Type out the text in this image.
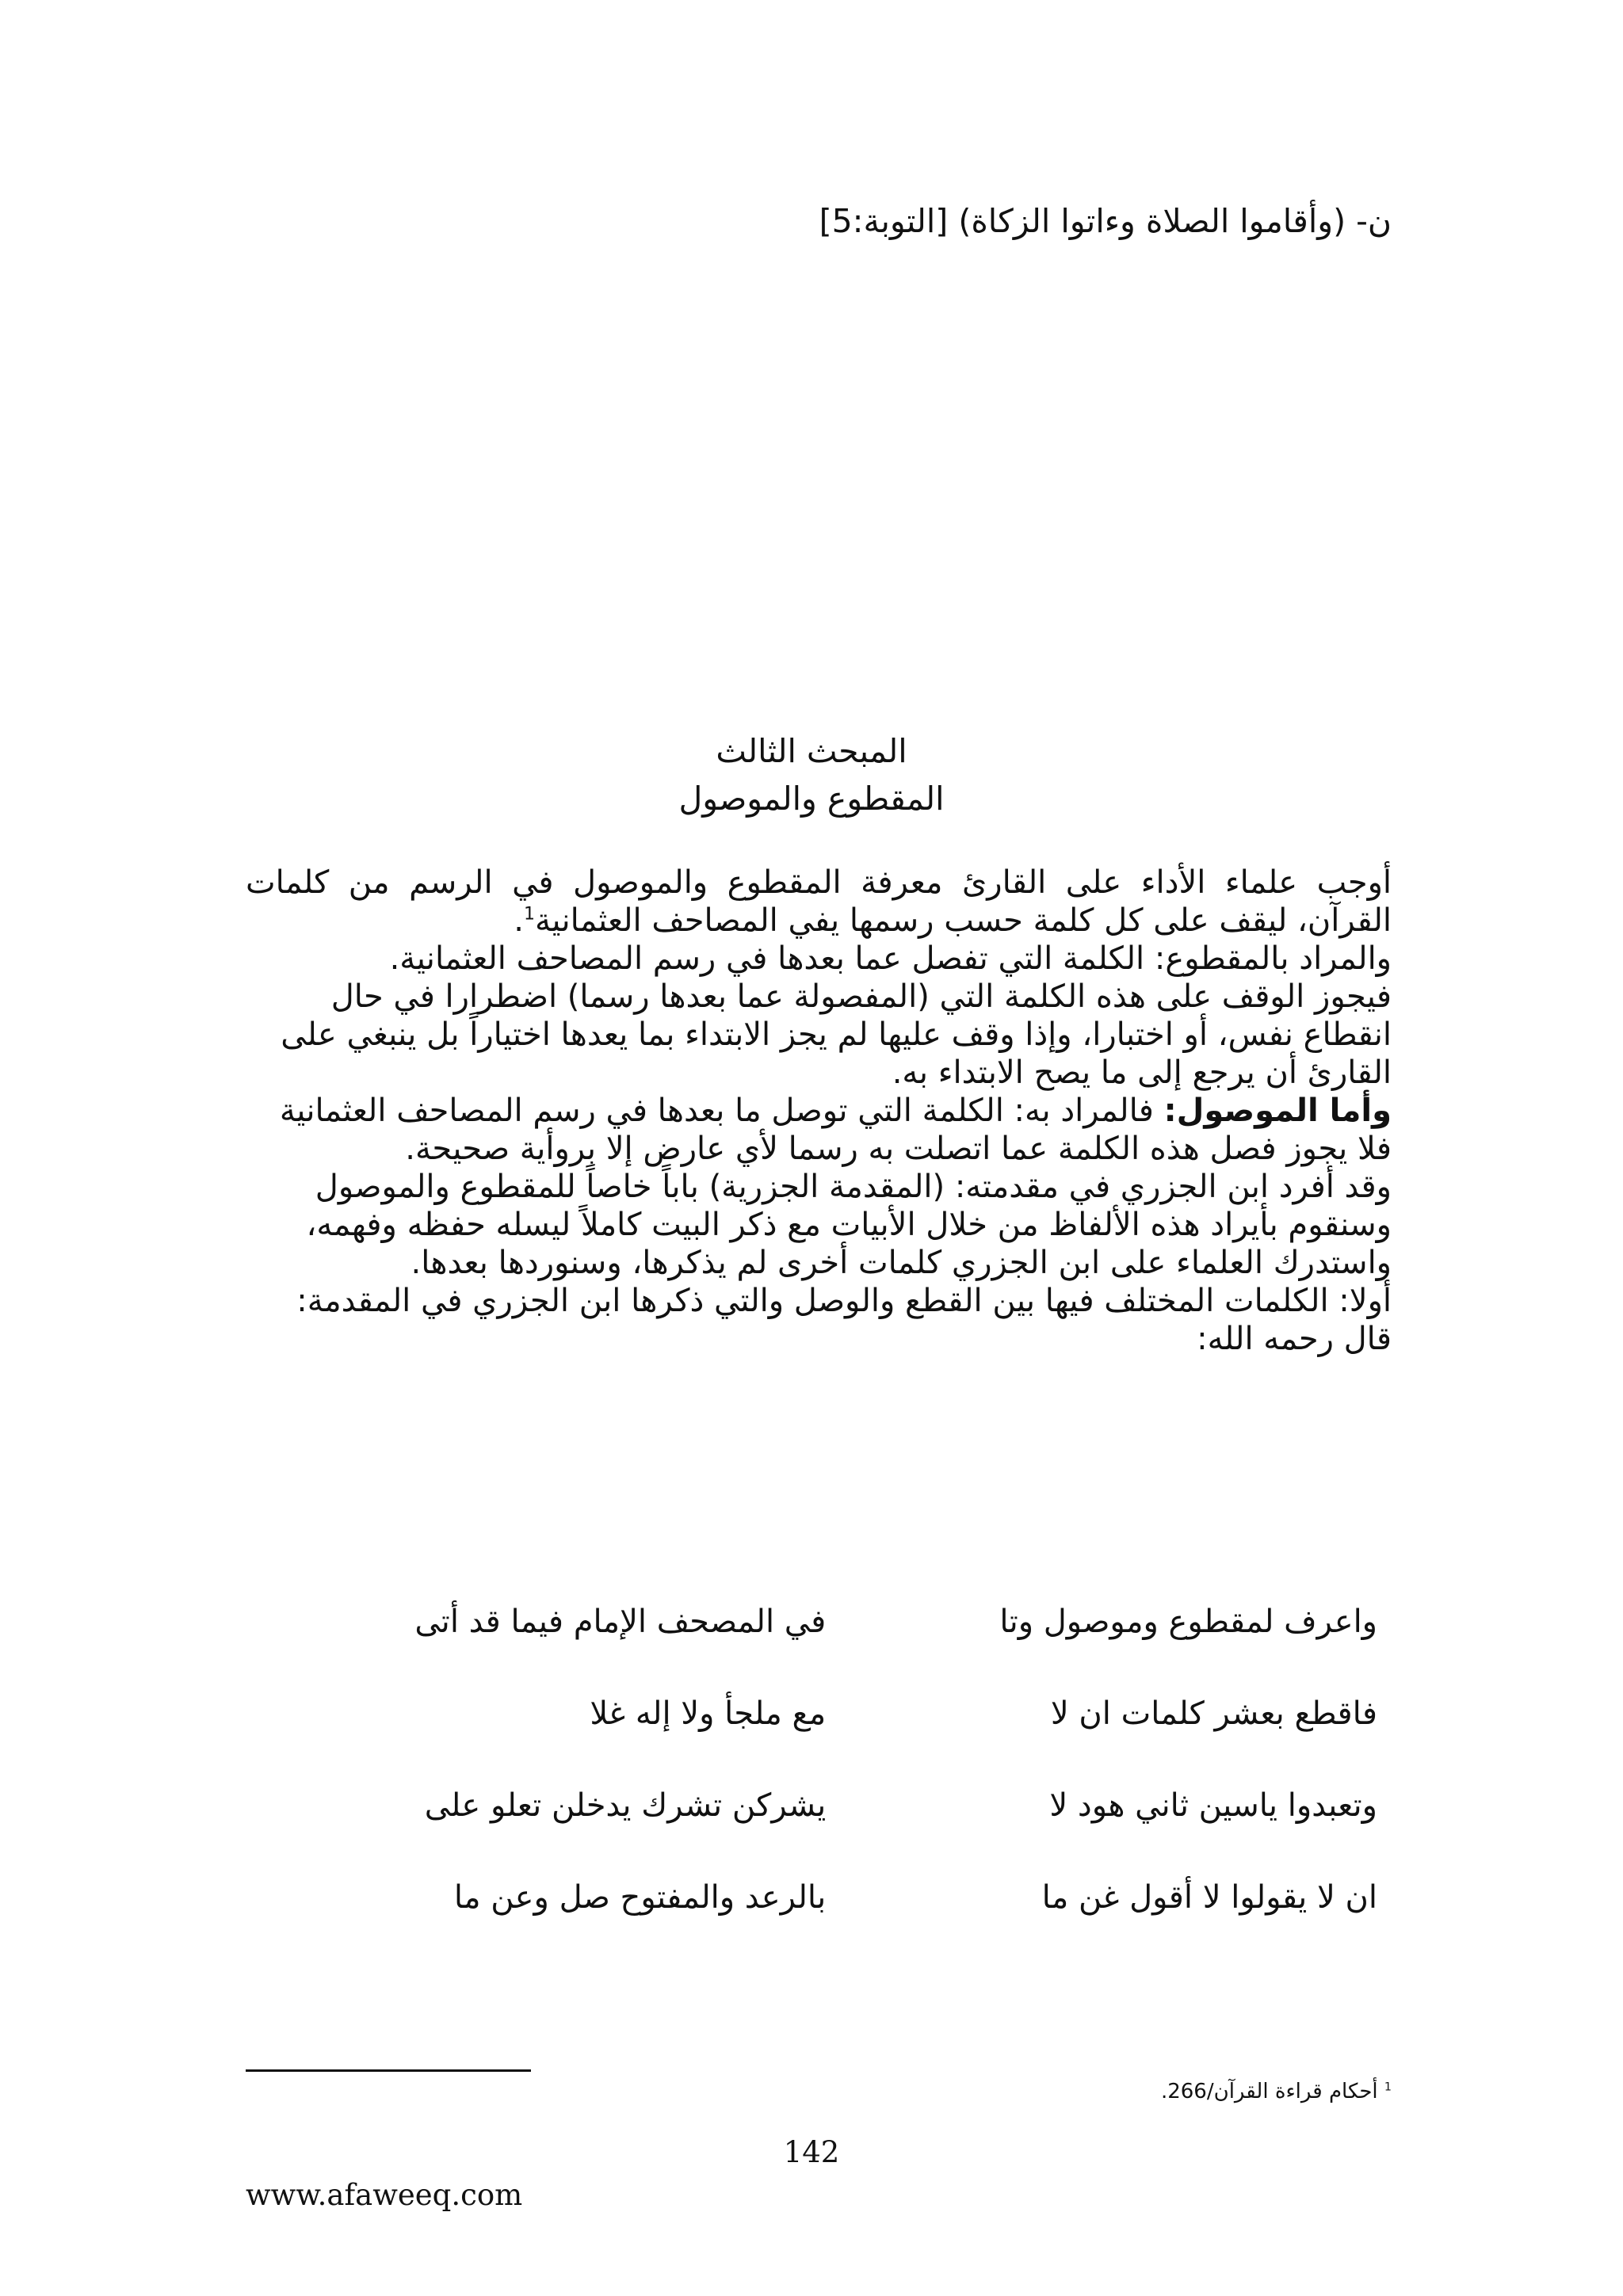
ن- (وأقاموا الصلاة وءاتوا الزكاة) [التوبة:5]
المبحث الثالث
المقطوع والموصول

أوجب علماء الأداء على القارئ معرفة المقطوع والموصول في الرسم من كلمات القرآن، ليقف على كل كلمة حسب رسمها يفي المصاحف العثمانية$^1$.

والمراد بالمقطوع: الكلمة التي تفصل عما بعدها في رسم المصاحف العثمانية.

فيجوز الوقف على هذه الكلمة التي (المفصولة عما بعدها رسما) اضطرارا في حال انقطاع نفس، أو اختبارا، وإذا وقف عليها لم يجز الابتداء بما يعدها اختياراً بل ينبغي على القارئ أن يرجع إلى ما يصح الابتداء به.

وأما الموصول: فالمراد به: الكلمة التي توصل ما بعدها في رسم المصاحف العثمانية فلا يجوز فصل هذه الكلمة عما اتصلت به رسما لأي عارض إلا بروأية صحيحة.

وقد أفرد ابن الجزري في مقدمته: (المقدمة الجزرية) باباً خاصاً للمقطوع والموصول وسنقوم بأيراد هذه الألفاظ من خلال الأبيات مع ذكر البيت كاملاً ليسله حفظه وفهمه، واستدرك العلماء على ابن الجزري كلمات أخرى لم يذكرها، وسنوردها بعدها.

أولا: الكلمات المختلف فيها بين القطع والوصل والتي ذكرها ابن الجزري في المقدمة:

قال رحمه الله:

واعرف لمقطوع وموصول وتا
في المصحف الإمام فيما قد أتى
فاقطع بعشر كلمات ان لا
مع ملجأ ولا إله غلا
وتعبدوا ياسين ثاني هود لا
يشركن تشرك يدخلن تعلو على
ان لا يقولوا لا أقول غن ما
بالرعد والمفتوح صل وعن ما
$^1$ أحكام قراءة القرآن/266.
142
www.afaweeq.com
